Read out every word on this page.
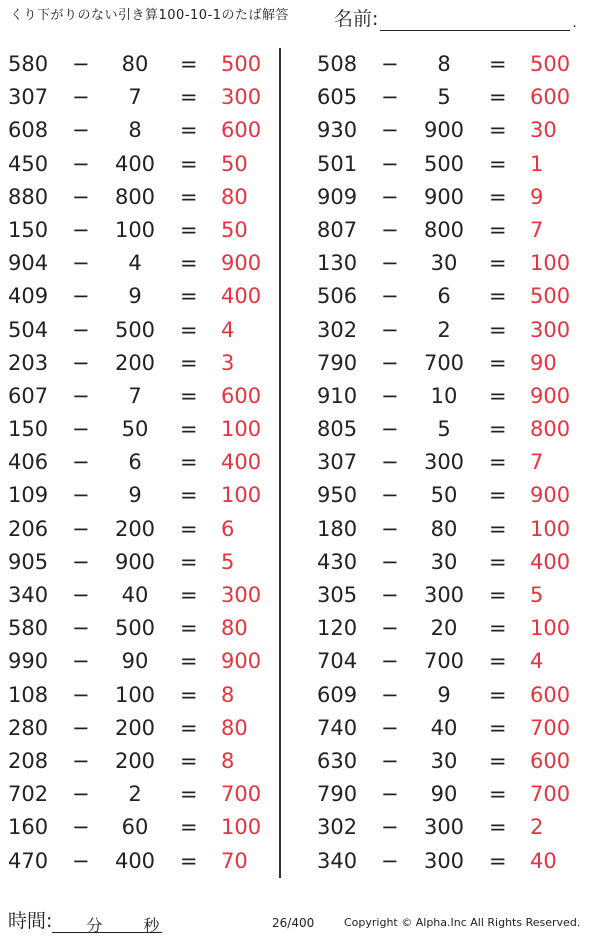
くり下がりのない引き算100-10-1のたば解答 名前:	.
580 −	80	= 500
307 −	7	= 300
608 −	8	= 600
450 −	400	= 50
880 −	800	= 80
150 −	100	= 50
904 −	4	= 900
409 −	9	= 400
504 −	500	= 4
203 −	200	= 3
607 −	7	= 600
150 −	50	= 100
406 −	6	= 400
109 −	9	= 100
206 −	200	= 6
905 −	900	= 5
340 −	40	= 300
580 −	500	= 80
990 −	90	= 900
108 −	100	= 8
280 −	200	= 80
208 −	200	= 8
702 −	2	= 700
160 −	60	= 100
470 −	400	= 70
508 −	8	= 500
605 −	5	= 600
930 −	900	= 30
501 −	500	= 1
909 −	900	= 9
807 −	800	= 7
130 −	30	= 100
506 −	6	= 500
302 −	2	= 300
790 −	700	= 90
910 −	10	= 900
805 −	5	= 800
307 −	300	= 7
950 −	50	= 900
180 −	80	= 100
430 −	30	= 400
305 −	300	= 5
120 −	20	= 100
704 −	700	= 4
609 −	9	= 600
740 −	40	= 700
630 −	30	= 600
790 −	90	= 700
302 −	300	= 2
340 −	300	= 40
時間: 分	秒	26/400	Copyright © Alpha.Inc All Rights Reserved.
